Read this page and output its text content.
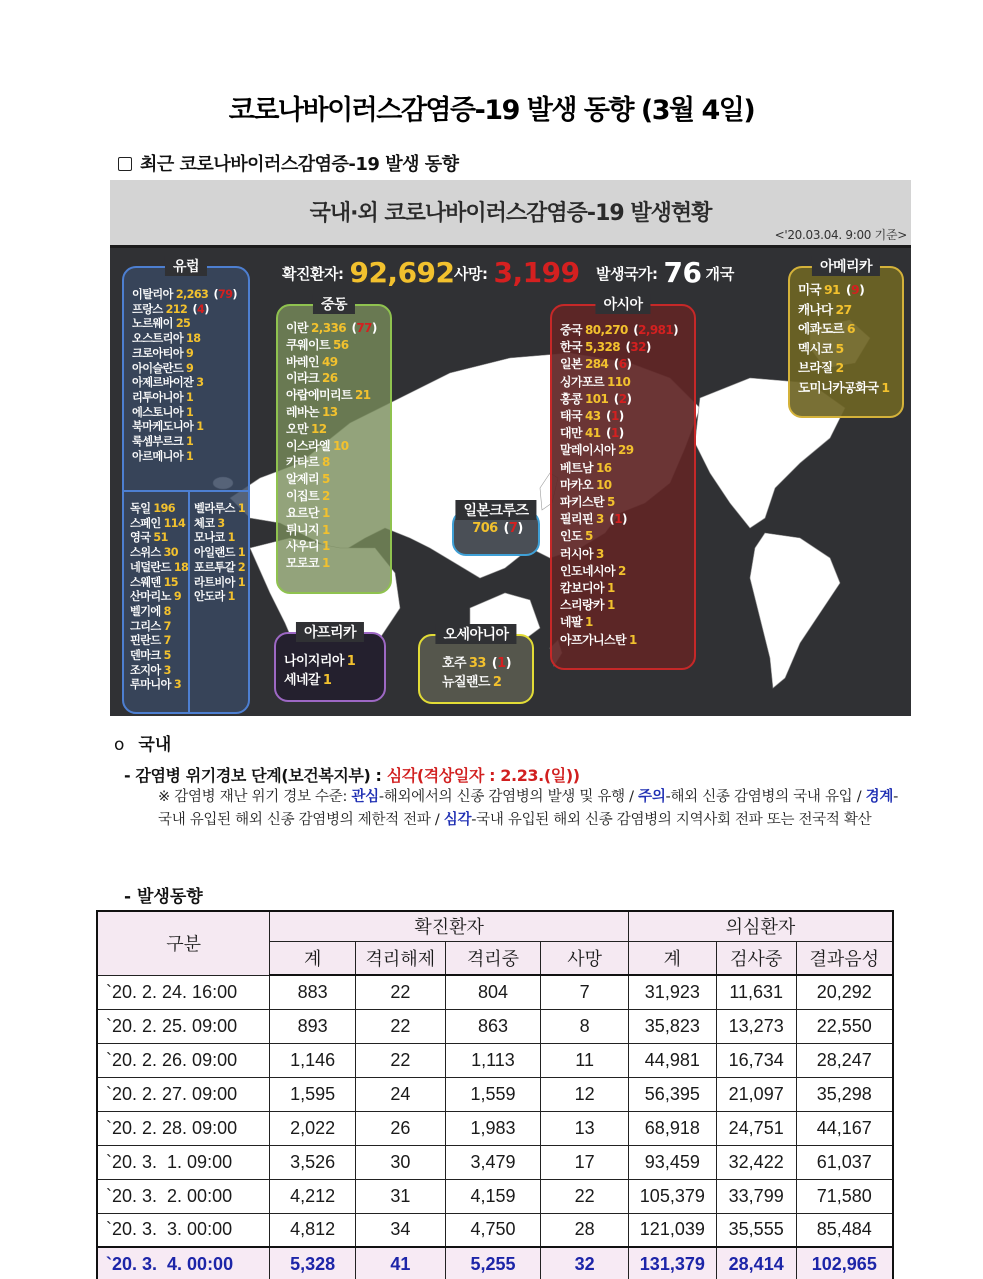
코로나바이러스감염증-19 발생 동향 (3월 4일)
최근 코로나바이러스감염증-19 발생 동향
국내·외 코로나바이러스감염증-19 발생현황
<'20.03.04. 9:00 기준>
확진환자: 92,692 사망: 3,199 발생국가: 76 개국
유럽
이탈리아 2,263 (79)
프랑스 212 (4)
노르웨이 25
오스트리아 18
크로아티아 9
아이슬란드 9
아제르바이잔 3
리투아니아 1
에스토니아 1
북마케도니아 1
룩셈부르크 1
아르메니아 1
독일 196
스페인 114
영국 51
스위스 30
네덜란드 18
스웨덴 15
산마리노 9
벨기에 8
그리스 7
핀란드 7
덴마크 5
조지아 3
루마니아 3
벨라루스 1
체코 3
모나코 1
아일랜드 1
포르투갈 2
라트비아 1
안도라 1
중동
이란 2,336 (77)
쿠웨이트 56
바레인 49
이라크 26
아랍에미리트 21
레바논 13
오만 12
이스라엘 10
카타르 8
알제리 5
이집트 2
요르단 1
튀니지 1
사우디 1
모로코 1
아프리카
나이지리아 1
세네갈 1
일본크루즈
706 (7)
오세아니아
호주 33 (1)
뉴질랜드 2
아시아
중국 80,270 (2,981)
한국 5,328 (32)
일본 284 (6)
싱가포르 110
홍콩 101 (2)
태국 43 (1)
대만 41 (1)
말레이시아 29
베트남 16
마카오 10
파키스탄 5
필리핀 3 (1)
인도 5
러시아 3
인도네시아 2
캄보디아 1
스리랑카 1
네팔 1
아프가니스탄 1
아메리카
미국 91 (9)
캐나다 27
에콰도르 6
멕시코 5
브라질 2
도미니카공화국 1
o 국내
- 감염병 위기경보 단계(보건복지부) : 심각(격상일자 : 2.23.(일))
※ 감염병 재난 위기 경보 수준: 관심-해외에서의 신종 감염병의 발생 및 유행 / 주의-해외 신종 감염병의 국내 유입 / 경계-국내 유입된 해외 신종 감염병의 제한적 전파 / 심각-국내 유입된 해외 신종 감염병의 지역사회 전파 또는 전국적 확산
- 발생동향
구분	확진환자				의심환자		
	계	격리해제	격리중	사망	계	검사중	결과음성
`20. 2. 24. 16:00	883	22	804	7	31,923	11,631	20,292
`20. 2. 25. 09:00	893	22	863	8	35,823	13,273	22,550
`20. 2. 26. 09:00	1,146	22	1,113	11	44,981	16,734	28,247
`20. 2. 27. 09:00	1,595	24	1,559	12	56,395	21,097	35,298
`20. 2. 28. 09:00	2,022	26	1,983	13	68,918	24,751	44,167
`20. 3.  1. 09:00	3,526	30	3,479	17	93,459	32,422	61,037
`20. 3.  2. 00:00	4,212	31	4,159	22	105,379	33,799	71,580
`20. 3.  3. 00:00	4,812	34	4,750	28	121,039	35,555	85,484
`20. 3.  4. 00:00	5,328	41	5,255	32	131,379	28,414	102,965
